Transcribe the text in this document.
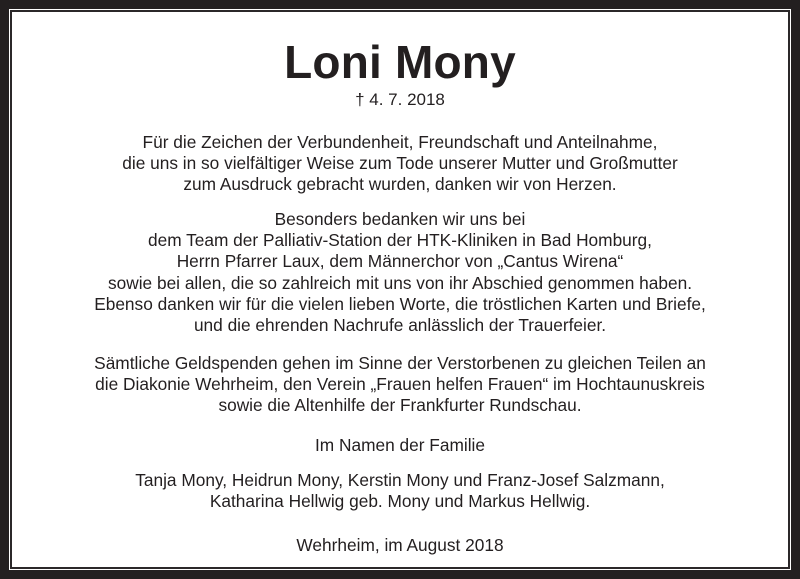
Loni Mony
† 4. 7. 2018
Für die Zeichen der Verbundenheit, Freundschaft und Anteilnahme,
die uns in so vielfältiger Weise zum Tode unserer Mutter und Großmutter
zum Ausdruck gebracht wurden, danken wir von Herzen.
Besonders bedanken wir uns bei
dem Team der Palliativ-Station der HTK-Kliniken in Bad Homburg,
Herrn Pfarrer Laux, dem Männerchor von „Cantus Wirena“
sowie bei allen, die so zahlreich mit uns von ihr Abschied genommen haben.
Ebenso danken wir für die vielen lieben Worte, die tröstlichen Karten und Briefe,
und die ehrenden Nachrufe anlässlich der Trauerfeier.
Sämtliche Geldspenden gehen im Sinne der Verstorbenen zu gleichen Teilen an
die Diakonie Wehrheim, den Verein „Frauen helfen Frauen“ im Hochtaunuskreis
sowie die Altenhilfe der Frankfurter Rundschau.
Im Namen der Familie
Tanja Mony, Heidrun Mony, Kerstin Mony und Franz-Josef Salzmann,
Katharina Hellwig geb. Mony und Markus Hellwig.
Wehrheim, im August 2018
